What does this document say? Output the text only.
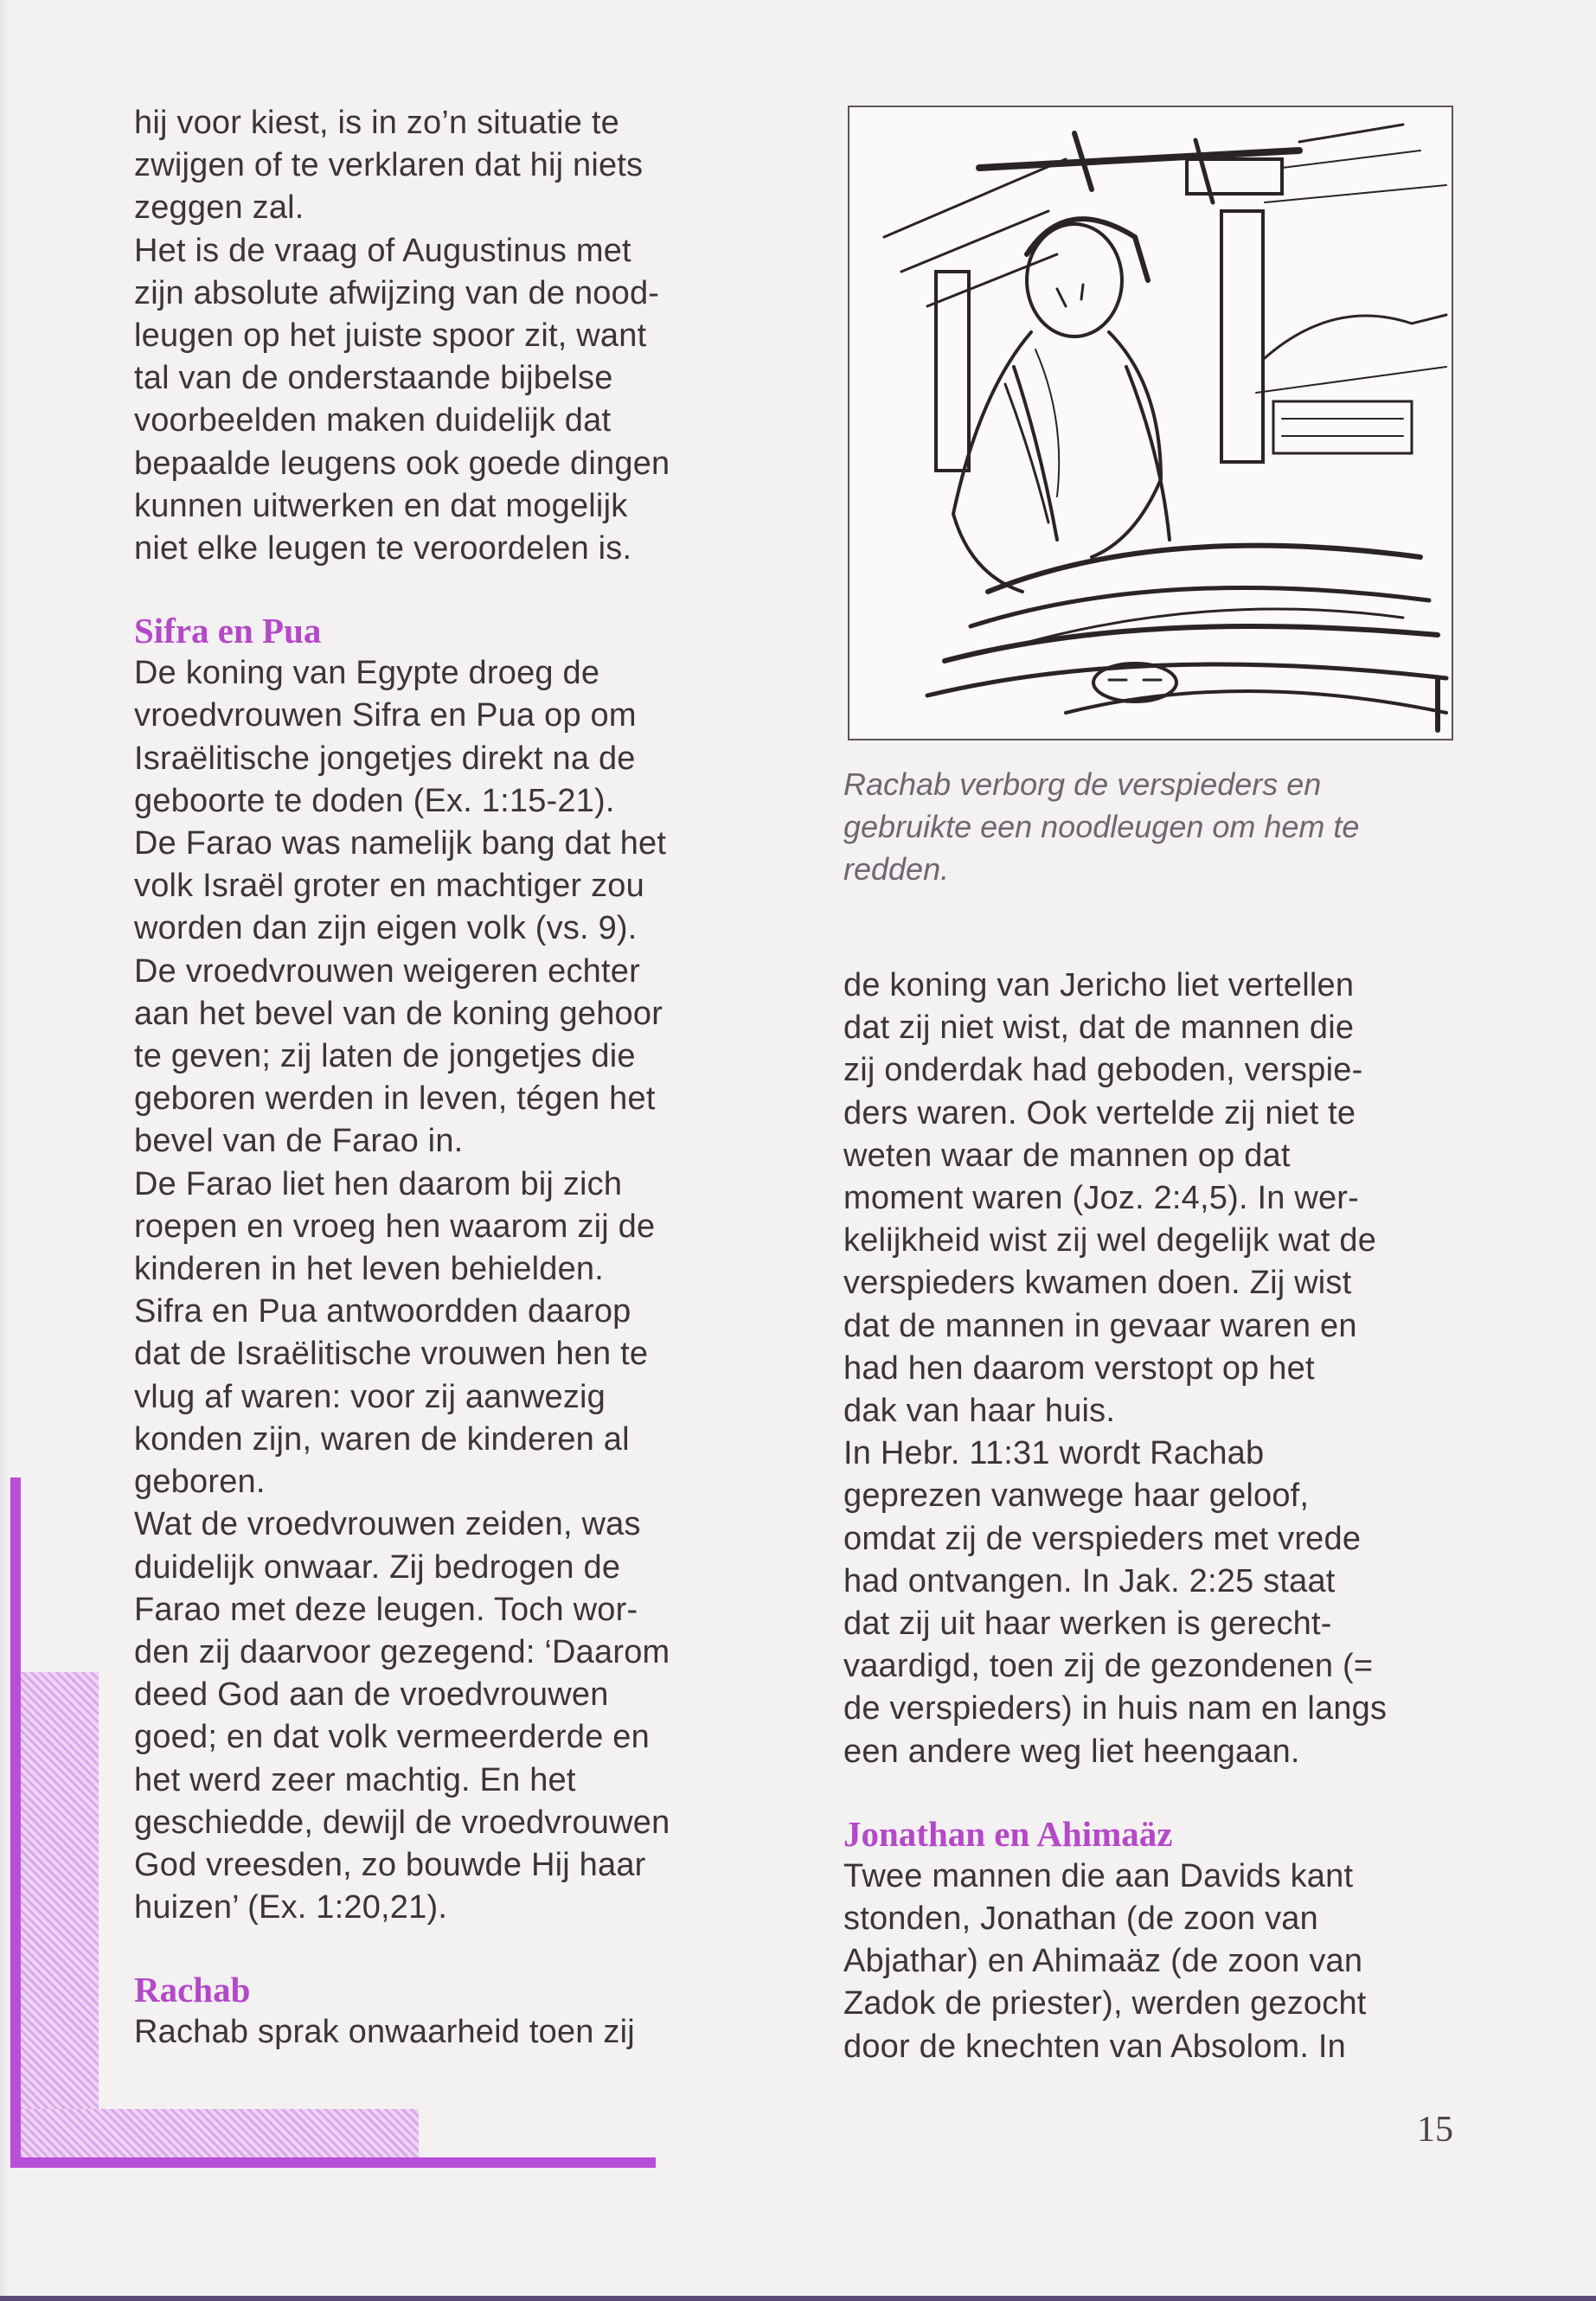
hij voor kiest, is in zo’n situatie te
zwijgen of te verklaren dat hij niets
zeggen zal.

Het is de vraag of Augustinus met
zijn absolute afwijzing van de nood-
leugen op het juiste spoor zit, want
tal van de onderstaande bijbelse
voorbeelden maken duidelijk dat
bepaalde leugens ook goede dingen
kunnen uitwerken en dat mogelijk
niet elke leugen te veroordelen is.

Sifra en Pua

De koning van Egypte droeg de
vroedvrouwen Sifra en Pua op om
Israëlitische jongetjes direkt na de
geboorte te doden (Ex. 1:15-21).
De Farao was namelijk bang dat het
volk Israël groter en machtiger zou
worden dan zijn eigen volk (vs. 9).
De vroedvrouwen weigeren echter
aan het bevel van de koning gehoor
te geven; zij laten de jongetjes die
geboren werden in leven, tégen het
bevel van de Farao in.

De Farao liet hen daarom bij zich
roepen en vroeg hen waarom zij de
kinderen in het leven behielden.
Sifra en Pua antwoordden daarop
dat de Israëlitische vrouwen hen te
vlug af waren: voor zij aanwezig
konden zijn, waren de kinderen al
geboren.

Wat de vroedvrouwen zeiden, was
duidelijk onwaar. Zij bedrogen de
Farao met deze leugen. Toch wor-
den zij daarvoor gezegend: ‘Daarom
deed God aan de vroedvrouwen
goed; en dat volk vermeerderde en
het werd zeer machtig. En het
geschiedde, dewijl de vroedvrouwen
God vreesden, zo bouwde Hij haar
huizen’ (Ex. 1:20,21).

Rachab

Rachab sprak onwaarheid toen zij

Rachab verborg de verspieders en
gebruikte een noodleugen om hem te
redden.

de koning van Jericho liet vertellen
dat zij niet wist, dat de mannen die
zij onderdak had geboden, verspie-
ders waren. Ook vertelde zij niet te
weten waar de mannen op dat
moment waren (Joz. 2:4,5). In wer-
kelijkheid wist zij wel degelijk wat de
verspieders kwamen doen. Zij wist
dat de mannen in gevaar waren en
had hen daarom verstopt op het
dak van haar huis.

In Hebr. 11:31 wordt Rachab
geprezen vanwege haar geloof,
omdat zij de verspieders met vrede
had ontvangen. In Jak. 2:25 staat
dat zij uit haar werken is gerecht-
vaardigd, toen zij de gezondenen (=
de verspieders) in huis nam en langs
een andere weg liet heengaan.

Jonathan en Ahimaäz

Twee mannen die aan Davids kant
stonden, Jonathan (de zoon van
Abjathar) en Ahimaäz (de zoon van
Zadok de priester), werden gezocht
door de knechten van Absolom. In

15
